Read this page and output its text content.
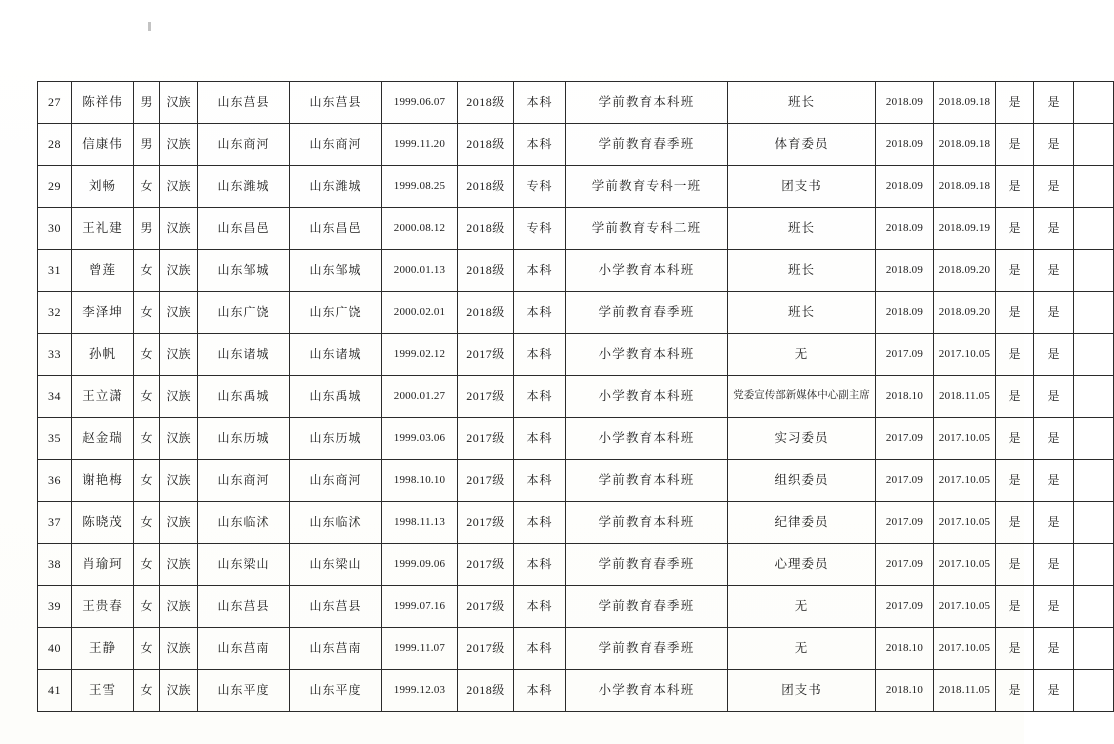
27	陈祥伟	男	汉族	山东莒县	山东莒县	1999.06.07	2018级	本科	学前教育本科班	班长	2018.09	2018.09.18	是	是	
28	信康伟	男	汉族	山东商河	山东商河	1999.11.20	2018级	本科	学前教育春季班	体育委员	2018.09	2018.09.18	是	是	
29	刘畅	女	汉族	山东潍城	山东潍城	1999.08.25	2018级	专科	学前教育专科一班	团支书	2018.09	2018.09.18	是	是	
30	王礼建	男	汉族	山东昌邑	山东昌邑	2000.08.12	2018级	专科	学前教育专科二班	班长	2018.09	2018.09.19	是	是	
31	曾莲	女	汉族	山东邹城	山东邹城	2000.01.13	2018级	本科	小学教育本科班	班长	2018.09	2018.09.20	是	是	
32	李泽坤	女	汉族	山东广饶	山东广饶	2000.02.01	2018级	本科	学前教育春季班	班长	2018.09	2018.09.20	是	是	
33	孙帆	女	汉族	山东诸城	山东诸城	1999.02.12	2017级	本科	小学教育本科班	无	2017.09	2017.10.05	是	是	
34	王立潇	女	汉族	山东禹城	山东禹城	2000.01.27	2017级	本科	小学教育本科班	党委宣传部新媒体中心副主席	2018.10	2018.11.05	是	是	
35	赵金瑞	女	汉族	山东历城	山东历城	1999.03.06	2017级	本科	小学教育本科班	实习委员	2017.09	2017.10.05	是	是	
36	谢艳梅	女	汉族	山东商河	山东商河	1998.10.10	2017级	本科	学前教育本科班	组织委员	2017.09	2017.10.05	是	是	
37	陈晓茂	女	汉族	山东临沭	山东临沭	1998.11.13	2017级	本科	学前教育本科班	纪律委员	2017.09	2017.10.05	是	是	
38	肖瑜珂	女	汉族	山东梁山	山东梁山	1999.09.06	2017级	本科	学前教育春季班	心理委员	2017.09	2017.10.05	是	是	
39	王贵春	女	汉族	山东莒县	山东莒县	1999.07.16	2017级	本科	学前教育春季班	无	2017.09	2017.10.05	是	是	
40	王静	女	汉族	山东莒南	山东莒南	1999.11.07	2017级	本科	学前教育春季班	无	2018.10	2017.10.05	是	是	
41	王雪	女	汉族	山东平度	山东平度	1999.12.03	2018级	本科	小学教育本科班	团支书	2018.10	2018.11.05	是	是	
